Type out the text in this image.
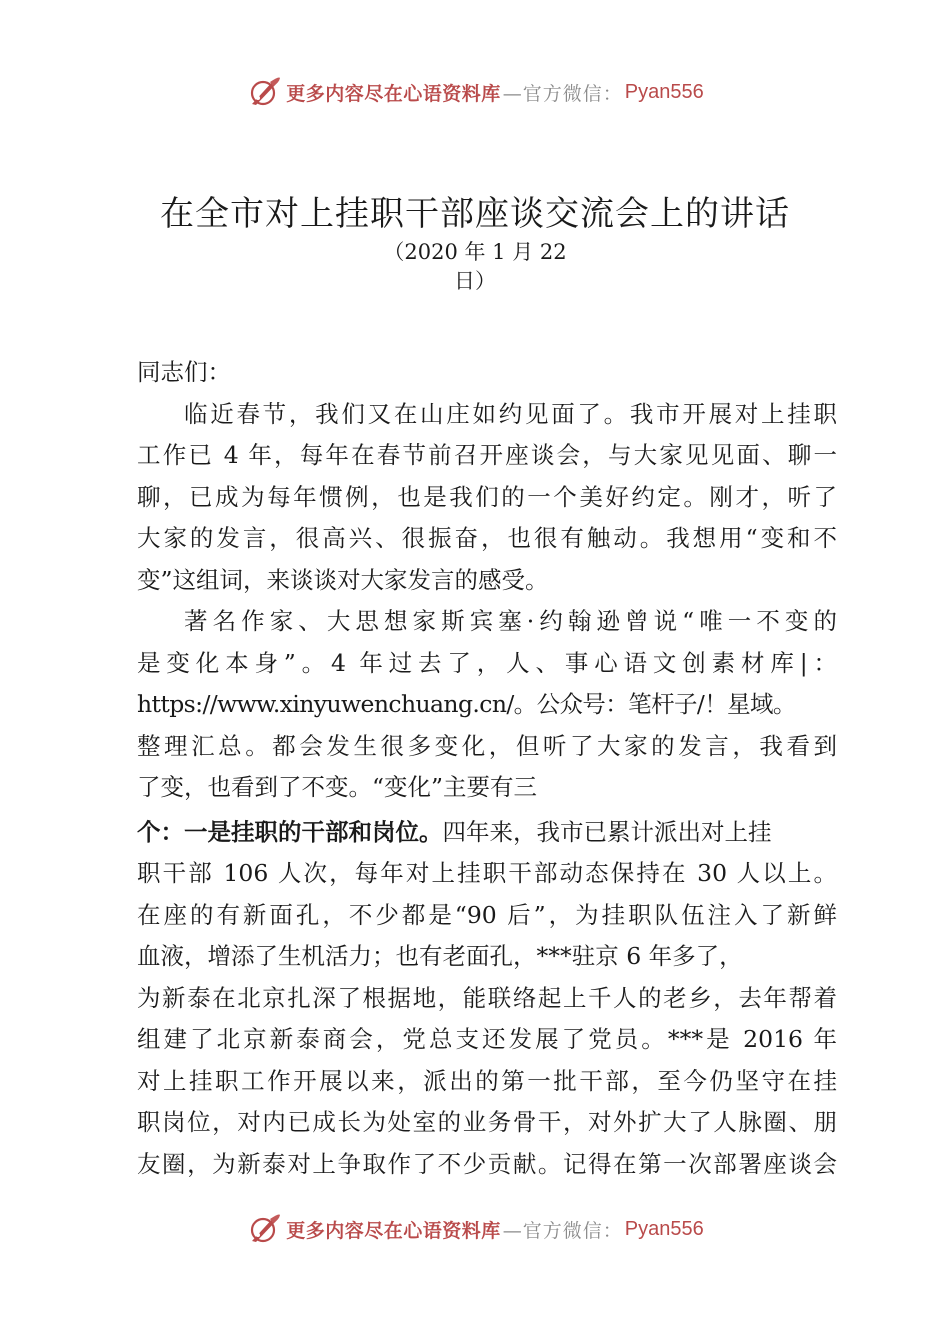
更多内容尽在心语资料库 —官方微信： Pyan556
在全市对上挂职干部座谈交流会上的讲话
（2020 年 1 月 22
日）
同志们：
临近春节，我们又在山庄如约见面了。我市开展对上挂职
工作已 4 年，每年在春节前召开座谈会，与大家见见面、聊一
聊，已成为每年惯例，也是我们的一个美好约定。刚才，听了
大家的发言，很高兴、很振奋，也很有触动。我想用“变和不
变”这组词，来谈谈对大家发言的感受。
著名作家、大思想家斯宾塞·约翰逊曾说“唯一不变的
是变化本身”。4 年过去了，人、事心语文创素材库|：
https://www.xinyuwenchuang.cn/。公众号：笔杆子/！星域。
整理汇总。都会发生很多变化，但听了大家的发言，我看到
了变，也看到了不变。“变化”主要有三
个：一是挂职的干部和岗位。四年来，我市已累计派出对上挂
职干部 106 人次，每年对上挂职干部动态保持在 30 人以上。
在座的有新面孔，不少都是“90 后”，为挂职队伍注入了新鲜
血液，增添了生机活力；也有老面孔，***驻京 6 年多了，
为新泰在北京扎深了根据地，能联络起上千人的老乡，去年帮着
组建了北京新泰商会，党总支还发展了党员。***是 2016 年
对上挂职工作开展以来，派出的第一批干部，至今仍坚守在挂
职岗位，对内已成长为处室的业务骨干，对外扩大了人脉圈、朋
友圈，为新泰对上争取作了不少贡献。记得在第一次部署座谈会
更多内容尽在心语资料库 —官方微信： Pyan556
